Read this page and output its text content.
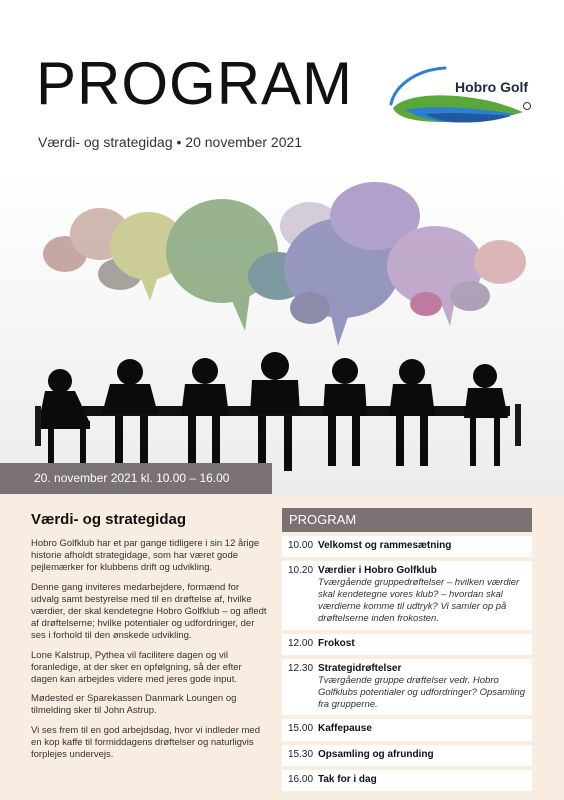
PROGRAM
Værdi- og strategidag • 20 november 2021
Hobro Golf
20. november 2021 kl. 10.00 – 16.00
Værdi- og strategidag

Hobro Golfklub har et par gange tidligere i sin 12 årige historie afholdt strategidage, som har været gode pejlemærker for klubbens drift og udvikling.

Denne gang inviteres medarbejdere, formænd for udvalg samt bestyrelse med til en drøftelse af, hvilke værdier, der skal kendetegne Hobro Golfklub – og afledt af drøftelserne; hvilke potentialer og udfordringer, der ses i forhold til den ønskede udvikling.

Lone Kalstrup, Pythea vil facilitere dagen og vil foranledige, at der sker en opfølgning, så der efter dagen kan arbejdes videre med jeres gode input.

Mødested er Sparekassen Danmark Loungen og tilmelding sker til John Astrup.

Vi ses frem til en god arbejdsdag, hvor vi indleder med en kop kaffe til formiddagens drøftelser og naturligvis forplejes undervejs.

PROGRAM
10.00 Velkomst og rammesætning
10.20 Værdier i Hobro Golfklub
Tværgående gruppedrøftelser – hvilken værdier skal kendetegne vores klub? – hvordan skal værdierne komme til udtryk? Vi samler op på drøftelserne inden frokosten.
12.00 Frokost
12.30 Strategidrøftelser
Tværgående gruppe drøftelser vedr. Hobro Golfklubs potentialer og udfordringer? Opsamling fra grupperne.
15.00 Kaffepause
15.30 Opsamling og afrunding
16.00 Tak for i dag
